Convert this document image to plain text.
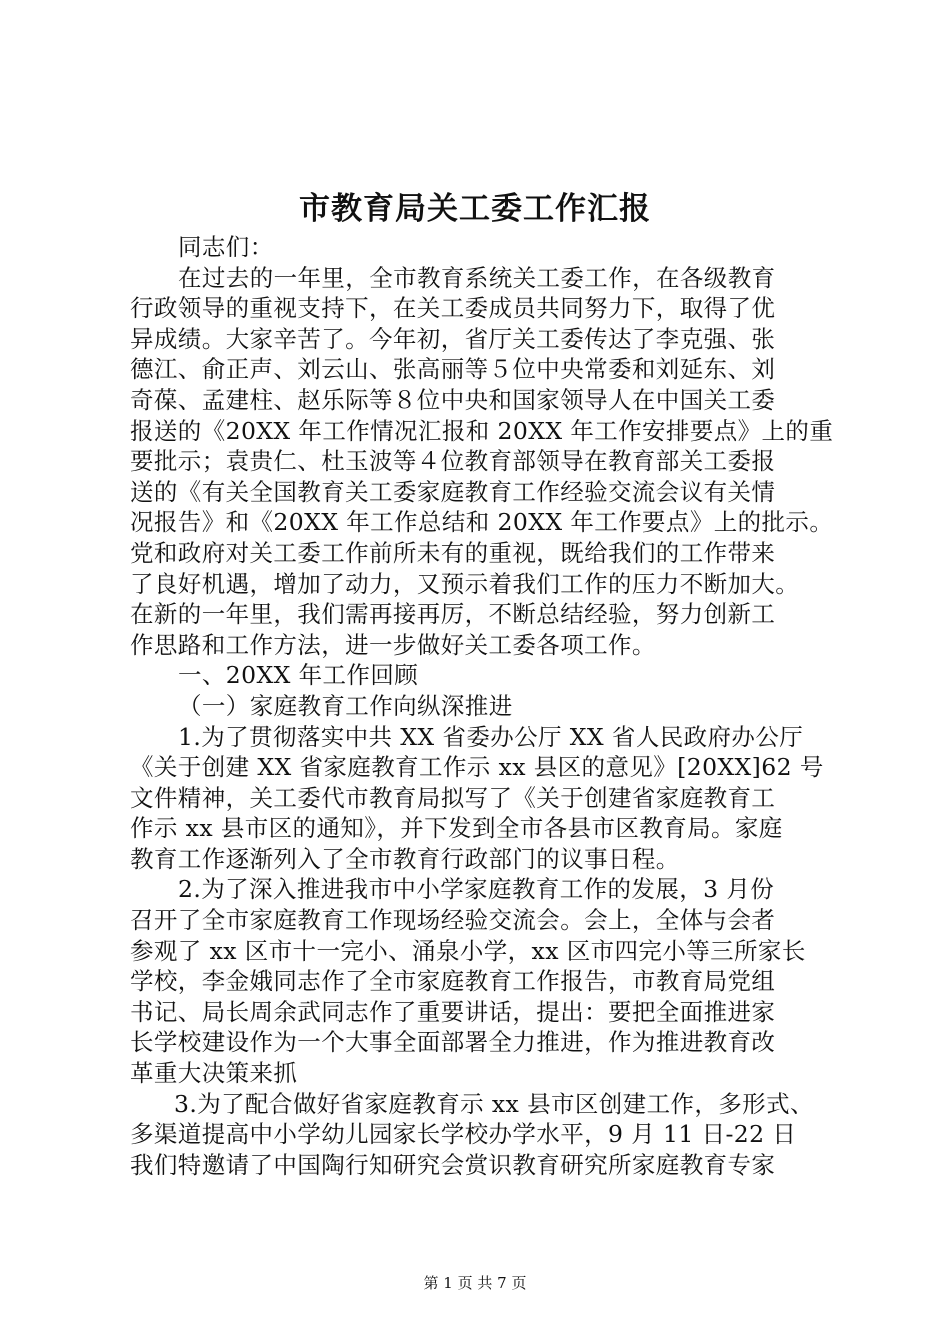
市教育局关工委工作汇报
同志们：
在过去的一年里，全市教育系统关工委工作，在各级教育
行政领导的重视支持下，在关工委成员共同努力下，取得了优
异成绩。大家辛苦了。今年初，省厅关工委传达了李克强、张
德江、俞正声、刘云山、张高丽等５位中央常委和刘延东、刘
奇葆、孟建柱、赵乐际等８位中央和国家领导人在中国关工委
报送的《20XX 年工作情况汇报和 20XX 年工作安排要点》上的重
要批示；袁贵仁、杜玉波等４位教育部领导在教育部关工委报
送的《有关全国教育关工委家庭教育工作经验交流会议有关情
况报告》和《20XX 年工作总结和 20XX 年工作要点》上的批示。
党和政府对关工委工作前所未有的重视，既给我们的工作带来
了良好机遇，增加了动力，又预示着我们工作的压力不断加大。
在新的一年里，我们需再接再厉，不断总结经验，努力创新工
作思路和工作方法，进一步做好关工委各项工作。
一、20XX 年工作回顾
（一）家庭教育工作向纵深推进
1.为了贯彻落实中共 XX 省委办公厅 XX 省人民政府办公厅
《关于创建 XX 省家庭教育工作示 xx 县区的意见》[20XX]62 号
文件精神，关工委代市教育局拟写了《关于创建省家庭教育工
作示 xx 县市区的通知》，并下发到全市各县市区教育局。家庭
教育工作逐渐列入了全市教育行政部门的议事日程。
2.为了深入推进我市中小学家庭教育工作的发展，3 月份
召开了全市家庭教育工作现场经验交流会。会上，全体与会者
参观了 xx 区市十一完小、涌泉小学，xx 区市四完小等三所家长
学校，李金娥同志作了全市家庭教育工作报告，市教育局党组
书记、局长周余武同志作了重要讲话，提出：要把全面推进家
长学校建设作为一个大事全面部署全力推进，作为推进教育改
革重大决策来抓
3.为了配合做好省家庭教育示 xx 县市区创建工作，多形式、
多渠道提高中小学幼儿园家长学校办学水平，9 月 11 日-22 日
我们特邀请了中国陶行知研究会赏识教育研究所家庭教育专家
第 1 页 共 7 页
